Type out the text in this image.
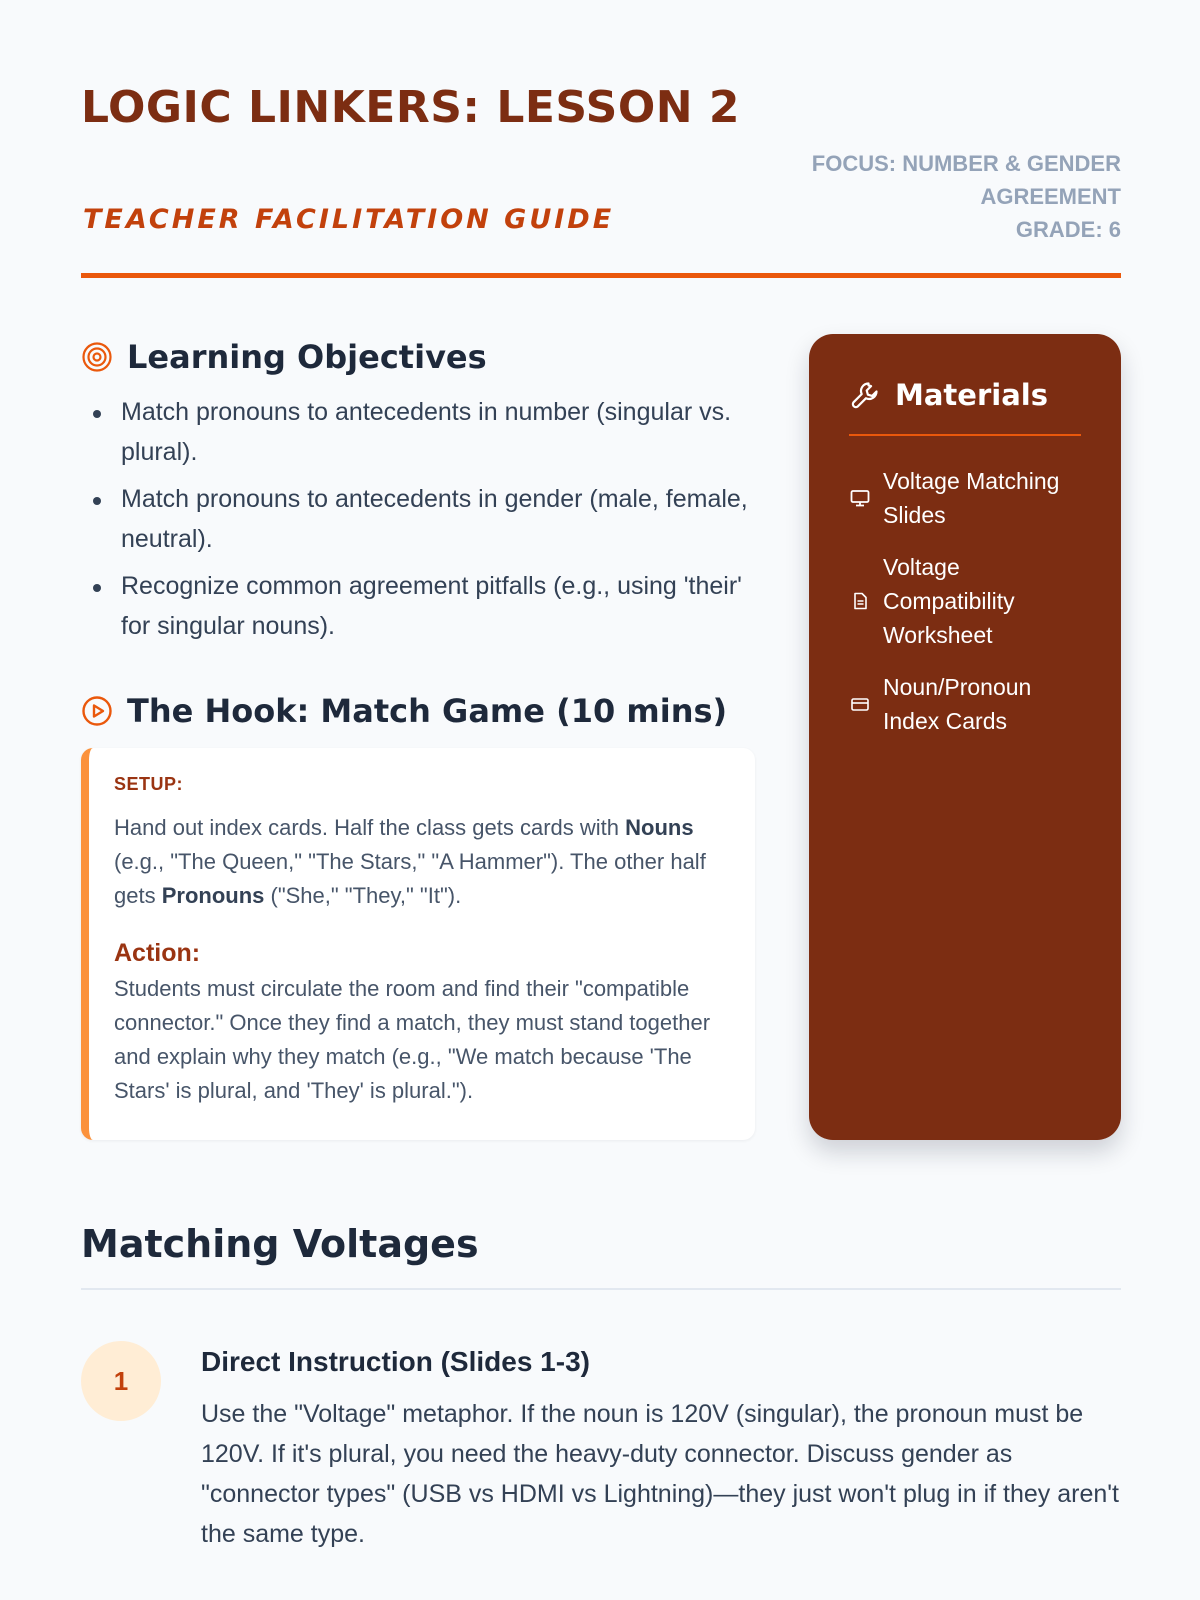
LOGIC LINKERS: LESSON 2
TEACHER FACILITATION GUIDE
FOCUS: NUMBER & GENDER AGREEMENT
GRADE: 6
Learning Objectives
Match pronouns to antecedents in number (singular vs. plural).
Match pronouns to antecedents in gender (male, female, neutral).
Recognize common agreement pitfalls (e.g., using 'their' for singular nouns).
The Hook: Match Game (10 mins)
SETUP:

Hand out index cards. Half the class gets cards with Nouns (e.g., "The Queen," "The Stars," "A Hammer"). The other half gets Pronouns ("She," "They," "It").

Action:

Students must circulate the room and find their "compatible connector." Once they find a match, they must stand together and explain why they match (e.g., "We match because 'The Stars' is plural, and 'They' is plural.").

Materials
Voltage Matching Slides
Voltage Compatibility Worksheet
Noun/Pronoun Index Cards
Matching Voltages
1
Direct Instruction (Slides 1-3)

Use the "Voltage" metaphor. If the noun is 120V (singular), the pronoun must be 120V. If it's plural, you need the heavy-duty connector. Discuss gender as "connector types" (USB vs HDMI vs Lightning)—they just won't plug in if they aren't the same type.
